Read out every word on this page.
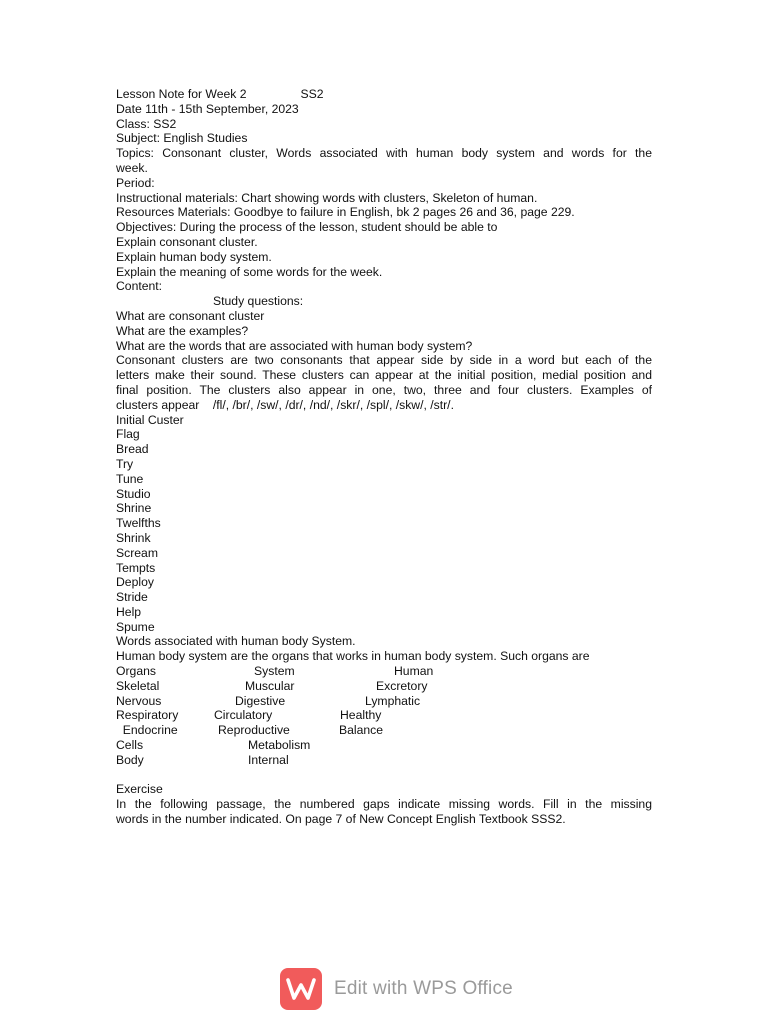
Lesson Note for Week 2	SS2
Date 11th - 15th September, 2023
Class: SS2
Subject: English Studies
Topics: Consonant cluster, Words associated with human body system and words for the
week.
Period:
Instructional materials: Chart showing words with clusters, Skeleton of human.
Resources Materials: Goodbye to failure in English, bk 2 pages 26 and 36, page 229.
Objectives: During the process of the lesson, student should be able to
Explain consonant cluster.
Explain human body system.
Explain the meaning of some words for the week.
Content:
Study questions:
What are consonant cluster
What are the examples?
What are the words that are associated with human body system?
Consonant clusters are two consonants that appear side by side in a word but each of the
letters make their sound. These clusters can appear at the initial position, medial position and
final position. The clusters also appear in one, two, three and four clusters. Examples of
clusters appear    /fl/, /br/, /sw/, /dr/, /nd/, /skr/, /spl/, /skw/, /str/.
Initial Custer
Flag
Bread
Try
Tune
Studio
Shrine
Twelfths
Shrink
Scream
Tempts
Deploy
Stride
Help
Spume
Words associated with human body System.
Human body system are the organs that works in human body system. Such organs are
Organs	System	Human
Skeletal	Muscular	Excretory
Nervous	Digestive	Lymphatic
Respiratory	Circulatory	Healthy
Endocrine	Reproductive	Balance
Cells	Metabolism
Body	Internal
Exercise
In the following passage, the numbered gaps indicate missing words. Fill in the missing
words in the number indicated. On page 7 of New Concept English Textbook SSS2.
Edit with WPS Office
